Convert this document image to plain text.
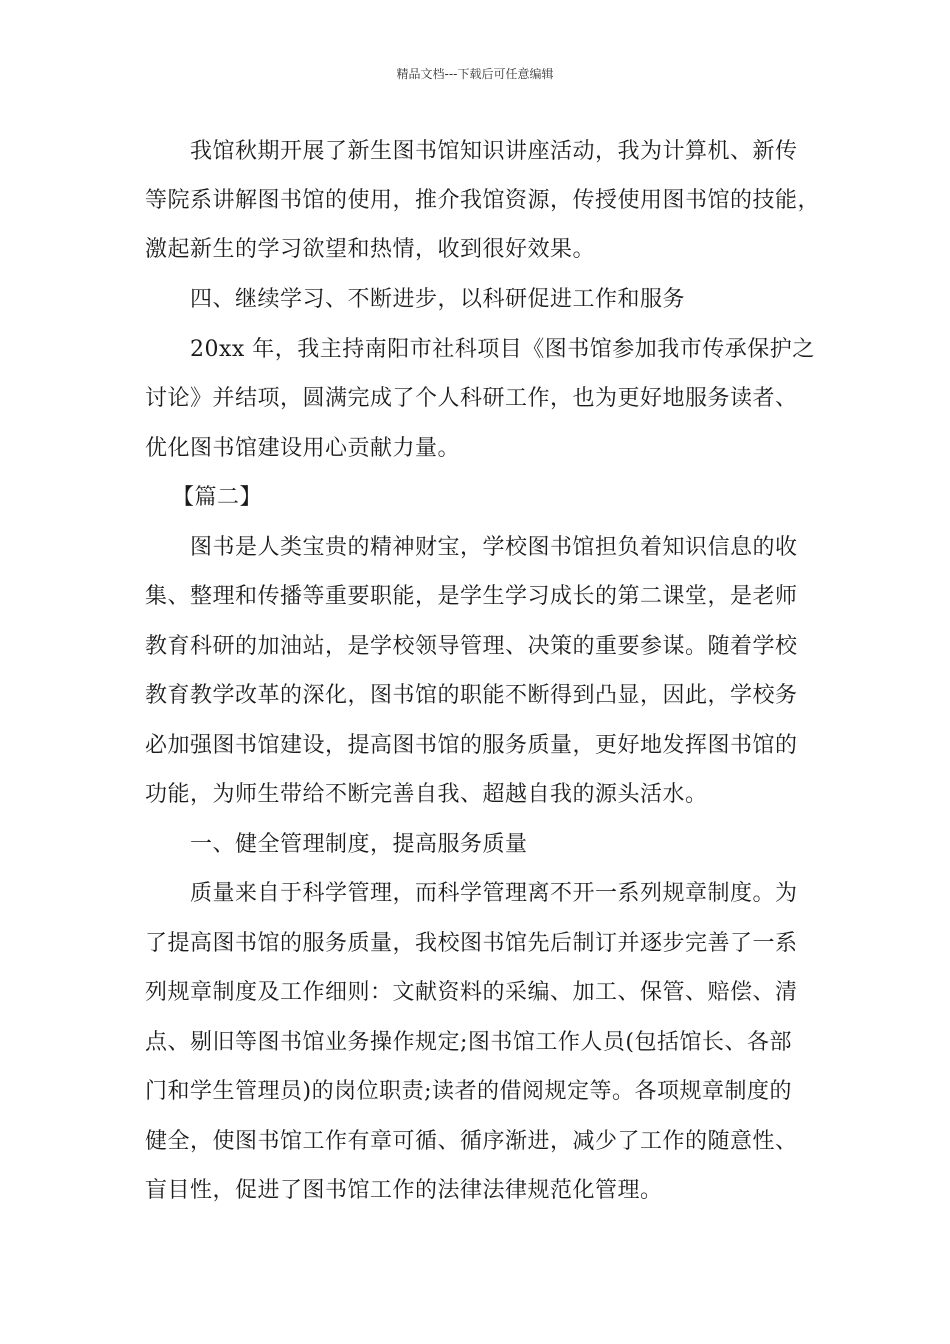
精品文档---下载后可任意编辑
我馆秋期开展了新生图书馆知识讲座活动，我为计算机、新传
等院系讲解图书馆的使用，推介我馆资源，传授使用图书馆的技能，
激起新生的学习欲望和热情，收到很好效果。
四、继续学习、不断进步，以科研促进工作和服务
20xx 年，我主持南阳市社科项目《图书馆参加我市传承保护之
讨论》并结项，圆满完成了个人科研工作，也为更好地服务读者、
优化图书馆建设用心贡献力量。
【篇二】
图书是人类宝贵的精神财宝，学校图书馆担负着知识信息的收
集、整理和传播等重要职能，是学生学习成长的第二课堂，是老师
教育科研的加油站，是学校领导管理、决策的重要参谋。随着学校
教育教学改革的深化，图书馆的职能不断得到凸显，因此，学校务
必加强图书馆建设，提高图书馆的服务质量，更好地发挥图书馆的
功能，为师生带给不断完善自我、超越自我的源头活水。
一、健全管理制度，提高服务质量
质量来自于科学管理，而科学管理离不开一系列规章制度。为
了提高图书馆的服务质量，我校图书馆先后制订并逐步完善了一系
列规章制度及工作细则：文献资料的采编、加工、保管、赔偿、清
点、剔旧等图书馆业务操作规定;图书馆工作人员(包括馆长、各部
门和学生管理员)的岗位职责;读者的借阅规定等。各项规章制度的
健全，使图书馆工作有章可循、循序渐进，减少了工作的随意性、
盲目性，促进了图书馆工作的法律法律规范化管理。
